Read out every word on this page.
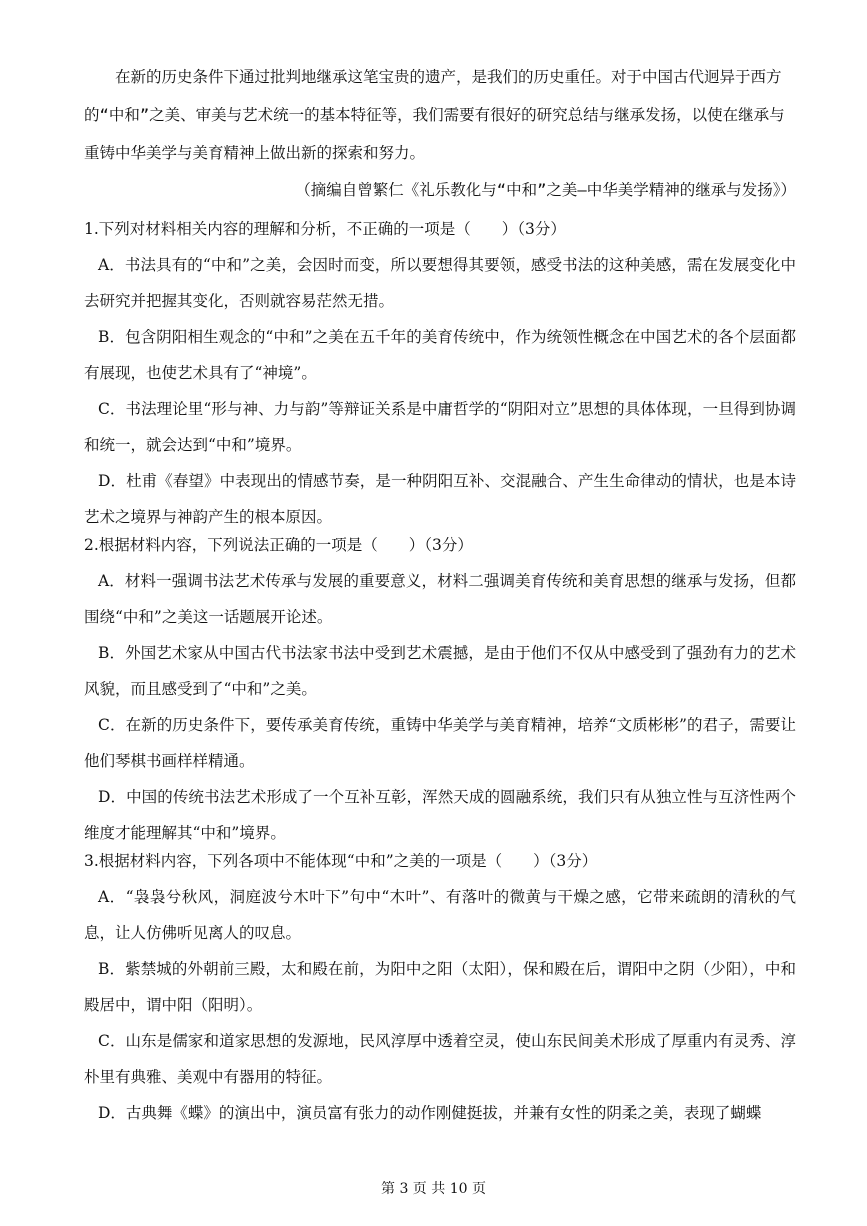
在新的历史条件下通过批判地继承这笔宝贵的遗产，是我们的历史重任。对于中国古代迥异于西方的“中和”之美、审美与艺术统一的基本特征等，我们需要有很好的研究总结与继承发扬，以使在继承与重铸中华美学与美育精神上做出新的探索和努力。

（摘编自曾繁仁《礼乐教化与“中和”之美—中华美学精神的继承与发扬》）

1.下列对材料相关内容的理解和分析，不正确的一项是（　　）（3分）

A．书法具有的“中和”之美，会因时而变，所以要想得其要领，感受书法的这种美感，需在发展变化中去研究并把握其变化，否则就容易茫然无措。

B．包含阴阳相生观念的“中和”之美在五千年的美育传统中，作为统领性概念在中国艺术的各个层面都有展现，也使艺术具有了“神境”。

C．书法理论里“形与神、力与韵”等辩证关系是中庸哲学的“阴阳对立”思想的具体体现，一旦得到协调和统一，就会达到“中和”境界。

D．杜甫《春望》中表现出的情感节奏，是一种阴阳互补、交混融合、产生生命律动的情状，也是本诗艺术之境界与神韵产生的根本原因。

2.根据材料内容，下列说法正确的一项是（　　）（3分）

A．材料一强调书法艺术传承与发展的重要意义，材料二强调美育传统和美育思想的继承与发扬，但都围绕“中和”之美这一话题展开论述。

B．外国艺术家从中国古代书法家书法中受到艺术震撼，是由于他们不仅从中感受到了强劲有力的艺术风貌，而且感受到了“中和”之美。

C．在新的历史条件下，要传承美育传统，重铸中华美学与美育精神，培养“文质彬彬”的君子，需要让他们琴棋书画样样精通。

D．中国的传统书法艺术形成了一个互补互彰，浑然天成的圆融系统，我们只有从独立性与互济性两个维度才能理解其“中和”境界。

3.根据材料内容，下列各项中不能体现“中和”之美的一项是（　　）（3分）

A．“袅袅兮秋风，洞庭波兮木叶下”句中“木叶”、有落叶的微黄与干燥之感，它带来疏朗的清秋的气息，让人仿佛听见离人的叹息。

B．紫禁城的外朝前三殿，太和殿在前，为阳中之阳（太阳），保和殿在后，谓阳中之阴（少阳），中和殿居中，谓中阳（阳明）。

C．山东是儒家和道家思想的发源地，民风淳厚中透着空灵，使山东民间美术形成了厚重内有灵秀、淳朴里有典雅、美观中有器用的特征。

D．古典舞《蝶》的演出中，演员富有张力的动作刚健挺拔，并兼有女性的阴柔之美，表现了蝴蝶

第 3 页 共 10 页
